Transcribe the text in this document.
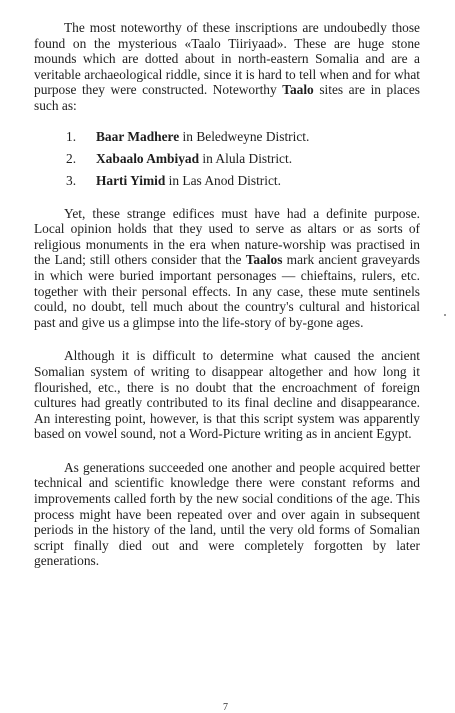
The most noteworthy of these inscriptions are undoubedly those found on the mysterious «Taalo Tiiriyaad». These are huge stone mounds which are dotted about in north-eastern Somalia and are a veritable archaeological riddle, since it is hard to tell when and for what purpose they were constructed. Noteworthy Taalo sites are in places such as:

1. Baar Madhere in Beledweyne District.
2. Xabaalo Ambiyad in Alula District.
3. Harti Yimid in Las Anod District.

Yet, these strange edifices must have had a definite purpose. Local opinion holds that they used to serve as altars or as sorts of religious monuments in the era when nature-worship was practised in the Land; still others consider that the Taalos mark ancient graveyards in which were buried important personages — chieftains, rulers, etc. together with their personal effects. In any case, these mute sentinels could, no doubt, tell much about the country's cultural and historical past and give us a glimpse into the life-story of by-gone ages.

Although it is difficult to determine what caused the ancient Somalian system of writing to disappear altogether and how long it flourished, etc., there is no doubt that the encroachment of foreign cultures had greatly contributed to its final decline and disappearance. An interesting point, however, is that this script system was apparently based on vowel sound, not a Word-Picture writing as in ancient Egypt.

As generations succeeded one another and people acquired better technical and scientific knowledge there were constant reforms and improvements called forth by the new social conditions of the age. This process might have been repeated over and over again in subsequent periods in the history of the land, until the very old forms of Somalian script finally died out and were completely forgotten by later generations.

7
